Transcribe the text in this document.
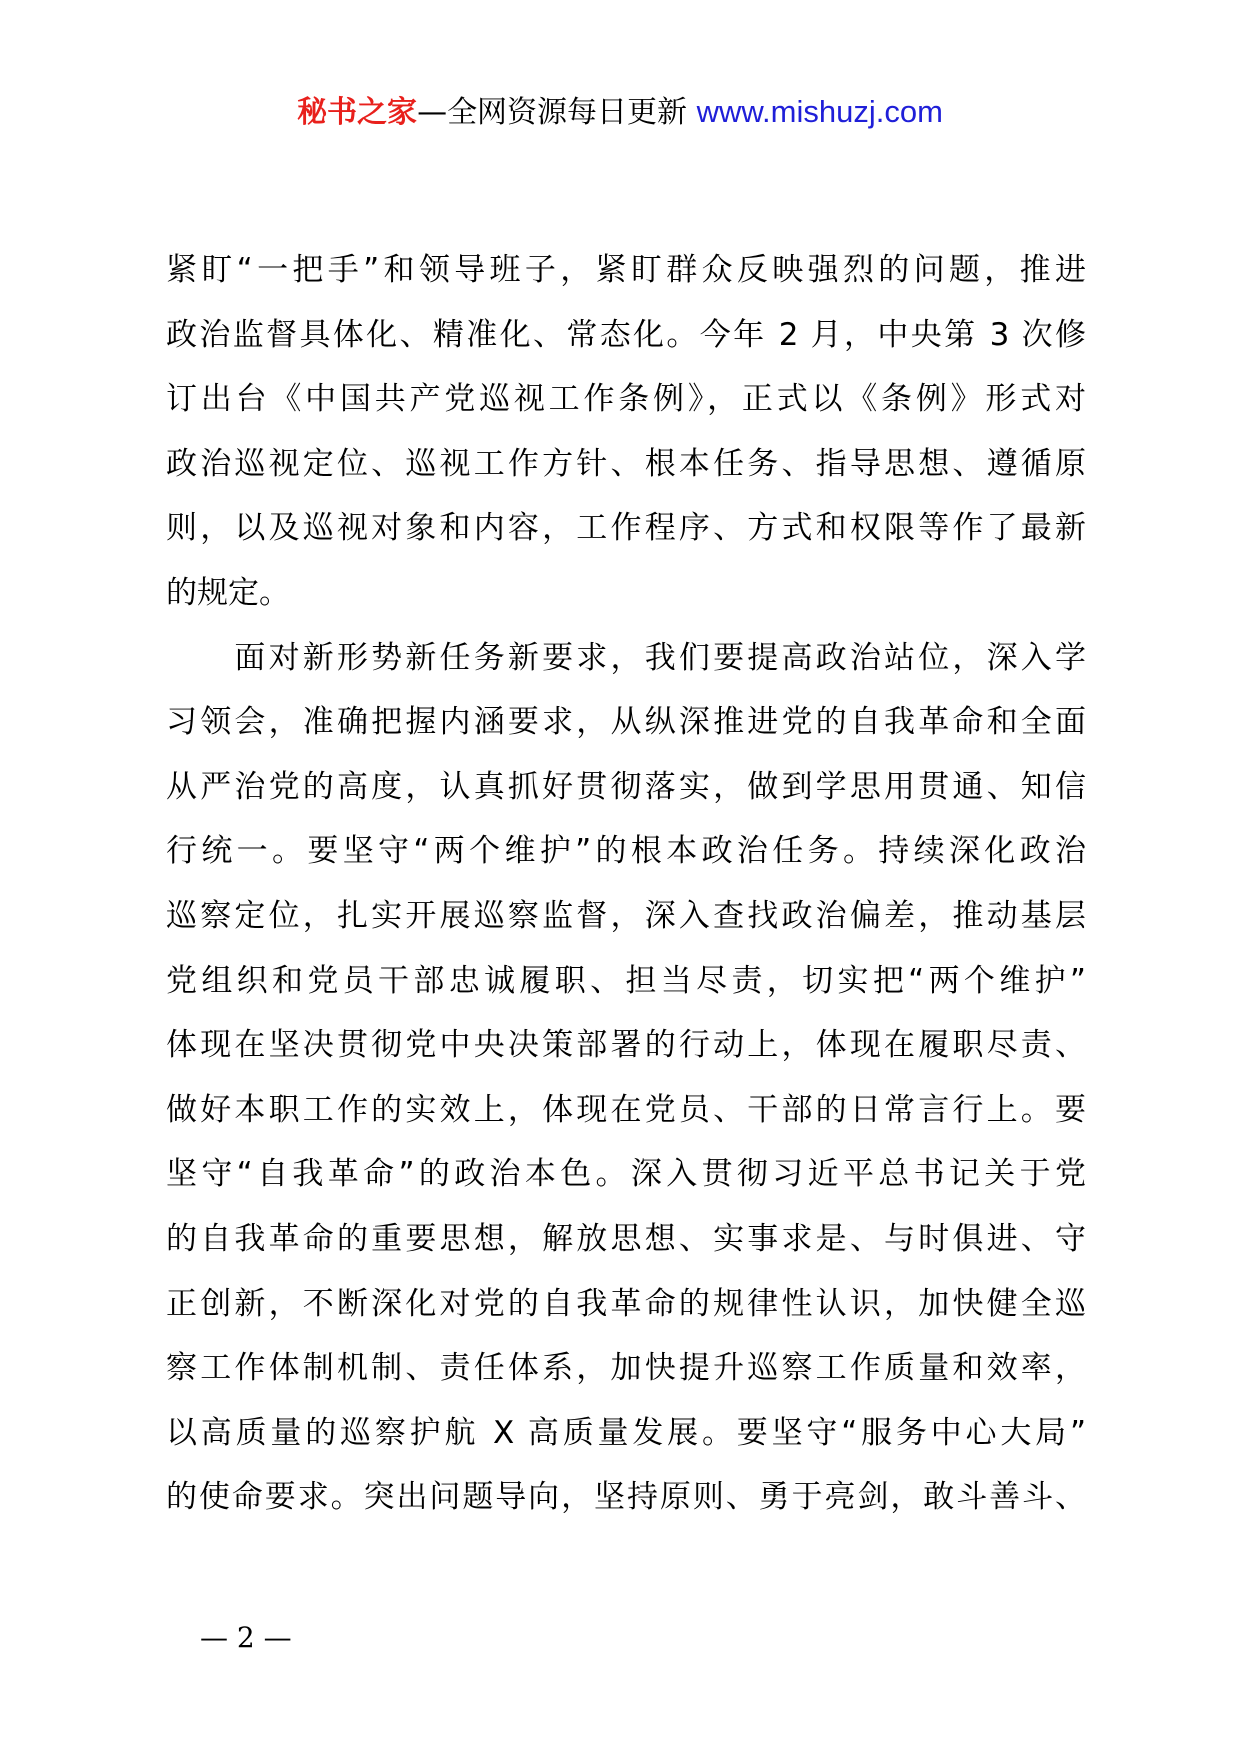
秘书之家—全网资源每日更新 www.mishuzj.com
紧盯“一把手”和领导班子，紧盯群众反映强烈的问题，推进
政治监督具体化、精准化、常态化。今年 2 月，中央第 3 次修
订出台《中国共产党巡视工作条例》，正式以《条例》形式对
政治巡视定位、巡视工作方针、根本任务、指导思想、遵循原
则，以及巡视对象和内容，工作程序、方式和权限等作了最新
的规定。
　　面对新形势新任务新要求，我们要提高政治站位，深入学
习领会，准确把握内涵要求，从纵深推进党的自我革命和全面
从严治党的高度，认真抓好贯彻落实，做到学思用贯通、知信
行统一。要坚守“两个维护”的根本政治任务。持续深化政治
巡察定位，扎实开展巡察监督，深入查找政治偏差，推动基层
党组织和党员干部忠诚履职、担当尽责，切实把“两个维护”
体现在坚决贯彻党中央决策部署的行动上，体现在履职尽责、
做好本职工作的实效上，体现在党员、干部的日常言行上。要
坚守“自我革命”的政治本色。深入贯彻习近平总书记关于党
的自我革命的重要思想，解放思想、实事求是、与时俱进、守
正创新，不断深化对党的自我革命的规律性认识，加快健全巡
察工作体制机制、责任体系，加快提升巡察工作质量和效率，
以高质量的巡察护航 X 高质量发展。要坚守“服务中心大局”
的使命要求。突出问题导向，坚持原则、勇于亮剑，敢斗善斗、
— 2 —
